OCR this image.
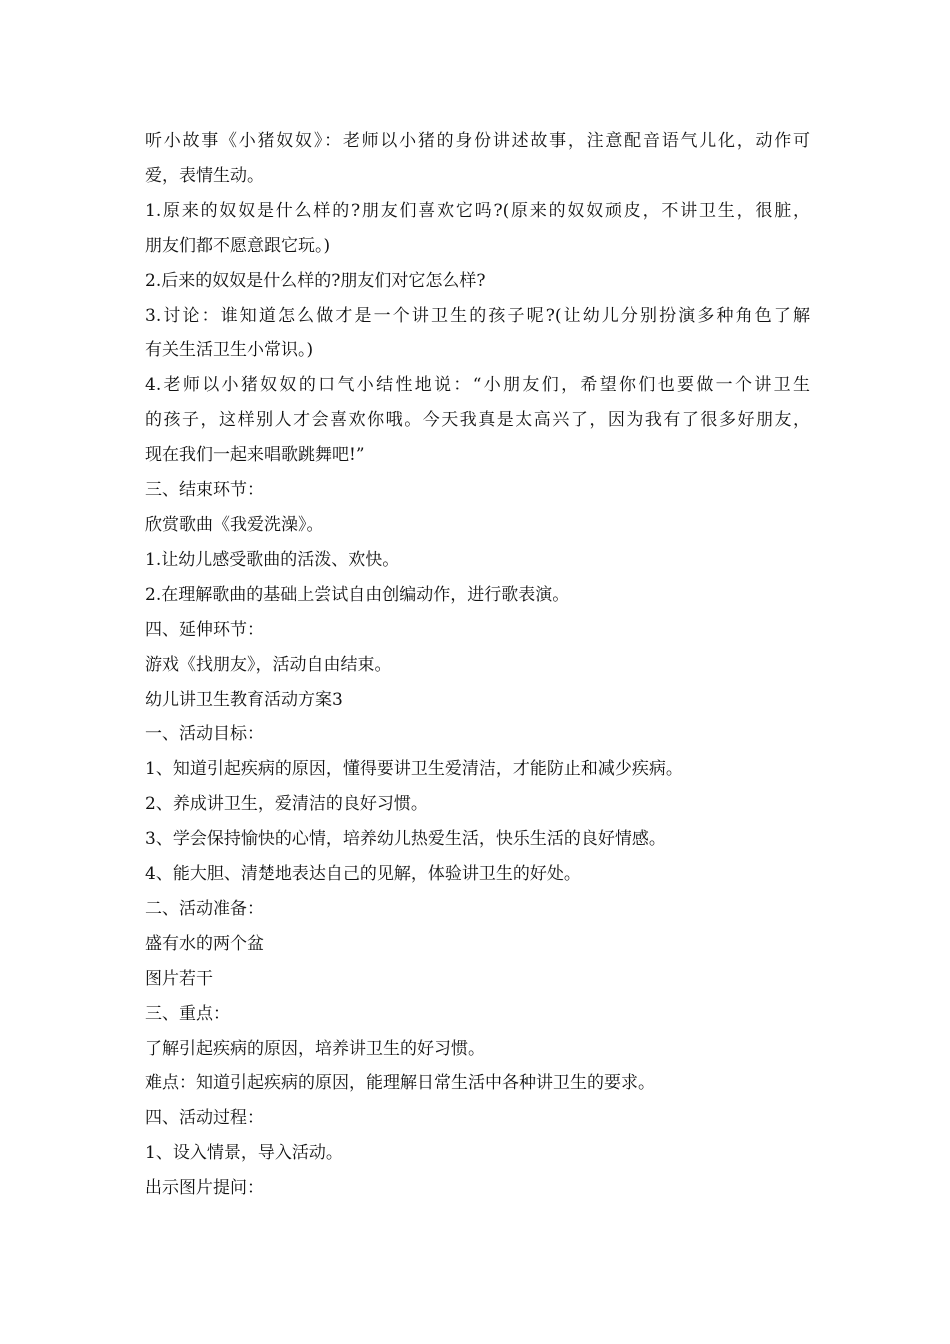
听小故事《小猪奴奴》：老师以小猪的身份讲述故事，注意配音语气儿化，动作可

爱，表情生动。

1.原来的奴奴是什么样的?朋友们喜欢它吗?(原来的奴奴顽皮，不讲卫生，很脏，

朋友们都不愿意跟它玩。)

2.后来的奴奴是什么样的?朋友们对它怎么样?

3.讨论：谁知道怎么做才是一个讲卫生的孩子呢?(让幼儿分别扮演多种角色了解

有关生活卫生小常识。)

4.老师以小猪奴奴的口气小结性地说：“小朋友们，希望你们也要做一个讲卫生

的孩子，这样别人才会喜欢你哦。今天我真是太高兴了，因为我有了很多好朋友，

现在我们一起来唱歌跳舞吧!”

三、结束环节：

欣赏歌曲《我爱洗澡》。

1.让幼儿感受歌曲的活泼、欢快。

2.在理解歌曲的基础上尝试自由创编动作，进行歌表演。

四、延伸环节：

游戏《找朋友》，活动自由结束。

幼儿讲卫生教育活动方案3

一、活动目标：

1、知道引起疾病的原因，懂得要讲卫生爱清洁，才能防止和减少疾病。

2、养成讲卫生，爱清洁的良好习惯。

3、学会保持愉快的心情，培养幼儿热爱生活，快乐生活的良好情感。

4、能大胆、清楚地表达自己的见解，体验讲卫生的好处。

二、活动准备：

盛有水的两个盆

图片若干

三、重点：

了解引起疾病的原因，培养讲卫生的好习惯。

难点：知道引起疾病的原因，能理解日常生活中各种讲卫生的要求。

四、活动过程：

1、设入情景，导入活动。

出示图片提问：
